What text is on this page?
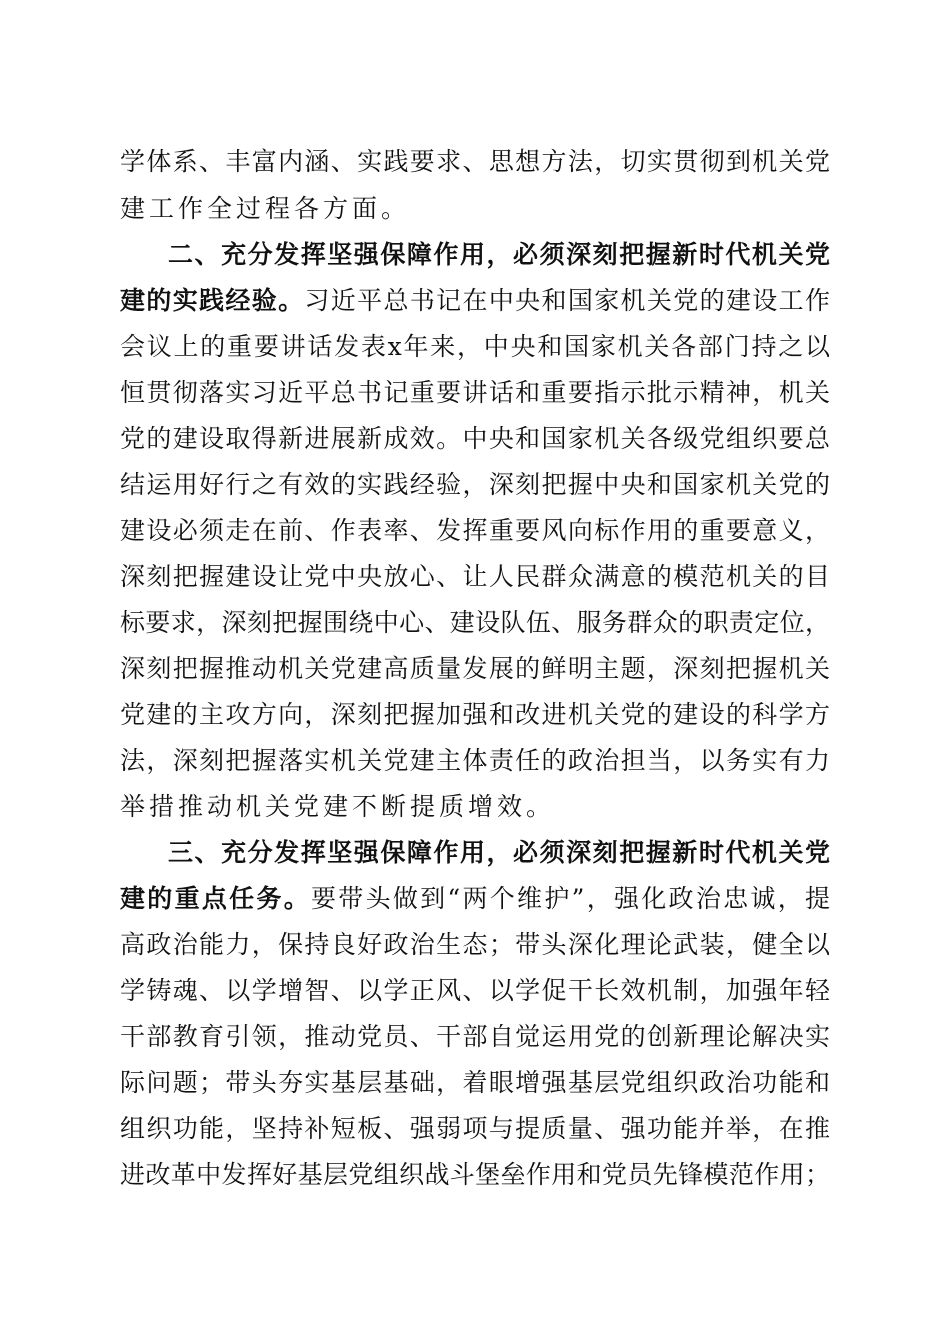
学体系、丰富内涵、实践要求、思想方法，切实贯彻到机关党
建工作全过程各方面。
二、充分发挥坚强保障作用，必须深刻把握新时代机关党
建的实践经验。习近平总书记在中央和国家机关党的建设工作
会议上的重要讲话发表x年来，中央和国家机关各部门持之以
恒贯彻落实习近平总书记重要讲话和重要指示批示精神，机关
党的建设取得新进展新成效。中央和国家机关各级党组织要总
结运用好行之有效的实践经验，深刻把握中央和国家机关党的
建设必须走在前、作表率、发挥重要风向标作用的重要意义，
深刻把握建设让党中央放心、让人民群众满意的模范机关的目
标要求，深刻把握围绕中心、建设队伍、服务群众的职责定位，
深刻把握推动机关党建高质量发展的鲜明主题，深刻把握机关
党建的主攻方向，深刻把握加强和改进机关党的建设的科学方
法，深刻把握落实机关党建主体责任的政治担当，以务实有力
举措推动机关党建不断提质增效。
三、充分发挥坚强保障作用，必须深刻把握新时代机关党
建的重点任务。要带头做到“两个维护”，强化政治忠诚，提
高政治能力，保持良好政治生态；带头深化理论武装，健全以
学铸魂、以学增智、以学正风、以学促干长效机制，加强年轻
干部教育引领，推动党员、干部自觉运用党的创新理论解决实
际问题；带头夯实基层基础，着眼增强基层党组织政治功能和
组织功能，坚持补短板、强弱项与提质量、强功能并举，在推
进改革中发挥好基层党组织战斗堡垒作用和党员先锋模范作用；
